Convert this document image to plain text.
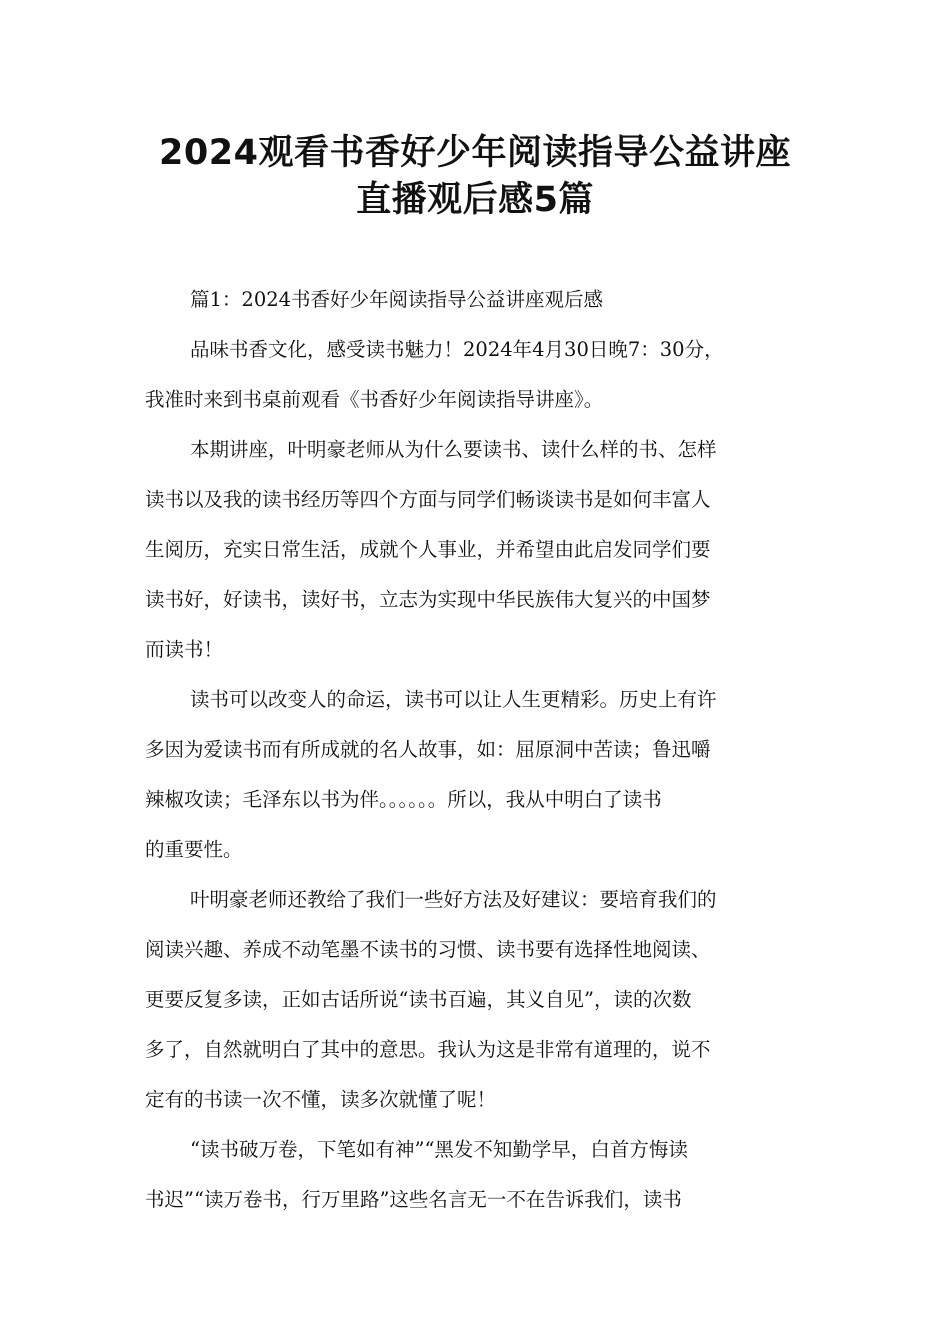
2024观看书香好少年阅读指导公益讲座
直播观后感5篇

篇1：2024书香好少年阅读指导公益讲座观后感

品味书香文化，感受读书魅力！2024年4月30日晚7：30分，

我准时来到书桌前观看《书香好少年阅读指导讲座》。

本期讲座，叶明豪老师从为什么要读书、读什么样的书、怎样

读书以及我的读书经历等四个方面与同学们畅谈读书是如何丰富人

生阅历，充实日常生活，成就个人事业，并希望由此启发同学们要

读书好，好读书，读好书，立志为实现中华民族伟大复兴的中国梦

而读书！

读书可以改变人的命运，读书可以让人生更精彩。历史上有许

多因为爱读书而有所成就的名人故事，如：屈原洞中苦读；鲁迅嚼

辣椒攻读；毛泽东以书为伴。。。。。。所以，我从中明白了读书

的重要性。

叶明豪老师还教给了我们一些好方法及好建议：要培育我们的

阅读兴趣、养成不动笔墨不读书的习惯、读书要有选择性地阅读、

更要反复多读，正如古话所说“读书百遍，其义自见”，读的次数

多了，自然就明白了其中的意思。我认为这是非常有道理的，说不

定有的书读一次不懂，读多次就懂了呢！

“读书破万卷，下笔如有神”“黑发不知勤学早，白首方悔读

书迟”“读万卷书，行万里路”这些名言无一不在告诉我们，读书
